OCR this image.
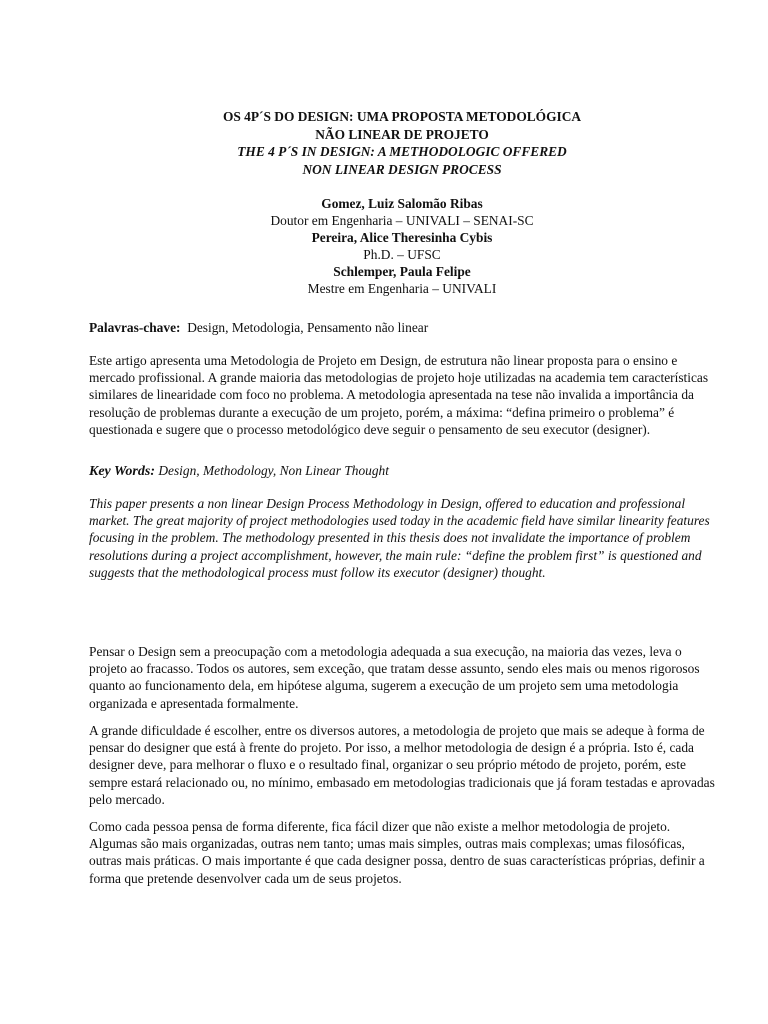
OS 4P´S DO DESIGN: UMA PROPOSTA METODOLÓGICA
NÃO LINEAR DE PROJETO
THE 4 P´S IN DESIGN: A METHODOLOGIC OFFERED
NON LINEAR DESIGN PROCESS
Gomez, Luiz Salomão Ribas
Doutor em Engenharia – UNIVALI – SENAI-SC
Pereira, Alice Theresinha Cybis
Ph.D. – UFSC
Schlemper, Paula Felipe
Mestre em Engenharia – UNIVALI
Palavras-chave: Design, Metodologia, Pensamento não linear
Este artigo apresenta uma Metodologia de Projeto em Design, de estrutura não linear proposta para o ensino e mercado profissional. A grande maioria das metodologias de projeto hoje utilizadas na academia tem características similares de linearidade com foco no problema. A metodologia apresentada na tese não invalida a importância da resolução de problemas durante a execução de um projeto, porém, a máxima: “defina primeiro o problema” é questionada e sugere que o processo metodológico deve seguir o pensamento de seu executor (designer).
Key Words: Design, Methodology, Non Linear Thought
This paper presents a non linear Design Process Methodology in Design, offered to education and professional market. The great majority of project methodologies used today in the academic field have similar linearity features focusing in the problem. The methodology presented in this thesis does not invalidate the importance of problem resolutions during a project accomplishment, however, the main rule: “define the problem first” is questioned and suggests that the methodological process must follow its executor (designer) thought.
Pensar o Design sem a preocupação com a metodologia adequada a sua execução, na maioria das vezes, leva o projeto ao fracasso. Todos os autores, sem exceção, que tratam desse assunto, sendo eles mais ou menos rigorosos quanto ao funcionamento dela, em hipótese alguma, sugerem a execução de um projeto sem uma metodologia organizada e apresentada formalmente.
A grande dificuldade é escolher, entre os diversos autores, a metodologia de projeto que mais se adeque à forma de pensar do designer que está à frente do projeto. Por isso, a melhor metodologia de design é a própria. Isto é, cada designer deve, para melhorar o fluxo e o resultado final, organizar o seu próprio método de projeto, porém, este sempre estará relacionado ou, no mínimo, embasado em metodologias tradicionais que já foram testadas e aprovadas pelo mercado.
Como cada pessoa pensa de forma diferente, fica fácil dizer que não existe a melhor metodologia de projeto. Algumas são mais organizadas, outras nem tanto; umas mais simples, outras mais complexas; umas filosóficas, outras mais práticas. O mais importante é que cada designer possa, dentro de suas características próprias, definir a forma que pretende desenvolver cada um de seus projetos.
